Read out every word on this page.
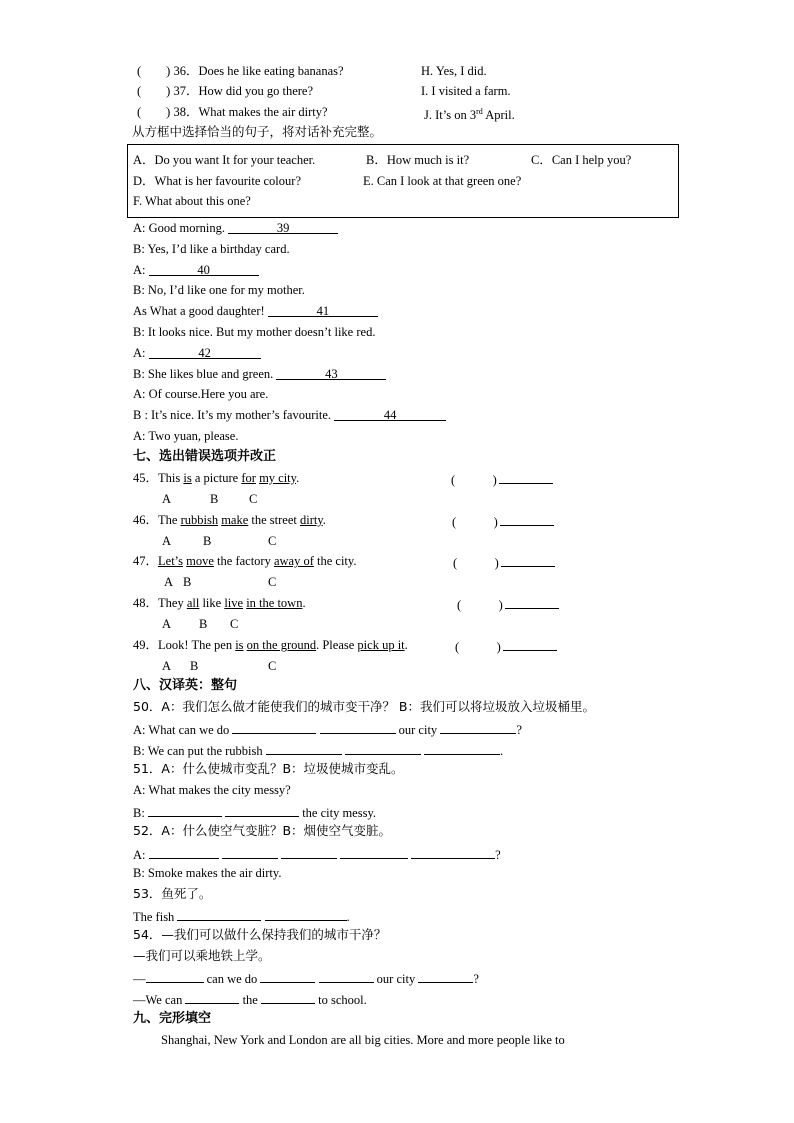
(　　) 36．Does he like eating bananas?	H. Yes, I did.
(　　) 37．How did you go there?	I. I visited a farm.
(　　) 38．What makes the air dirty?	J. It’s on 3rd April.
从方框中选择恰当的句子，将对话补充完整。
A．Do you want It for your teacher.	B．How much is it?	C．Can I help you?
D．What is her favourite colour?	E. Can I look at that green one?
F. What about this one?
A: Good morning.	39
B: Yes, I’d like a birthday card.
A:	40
B: No, I’d like one for my mother.
As What a good daughter!	41
B: It looks nice. But my mother doesn’t like red.
A:	42
B: She likes blue and green.	43
A: Of course.Here you are.
B : It’s nice. It’s my mother’s favourite.	44
A: Two yuan, please.
七、选出错误选项并改正
45．This is a picture for my city.	(　　　)
A	B C
46．The rubbish make the street dirty.	(　　　)
A	B	C
47．Let’s move the factory away of the city.	(　　　)
A B	C
48．They all like live in the town.	(　　　)
A B C
49．Look! The pen is on the ground. Please pick up it.	(　　　)
A B	C
八、汉译英：整句
50．A：我们怎么做才能使我们的城市变干净？ B：我们可以将垃圾放入垃圾桶里。
A: What can we do	our city	?
B: We can put the rubbish	.
51．A：什么使城市变乱？B：垃圾使城市变乱。
A: What makes the city messy?
B:	the city messy.
52．A：什么使空气变脏？B：烟使空气变脏。
A:	?
B: Smoke makes the air dirty.
53．鱼死了。
The fish	.
54．—我们可以做什么保持我们的城市干净？
—我们可以乘地铁上学。
—	can we do	our city	?
—We can	the	to school.
九、完形填空
Shanghai, New York and London are all big cities. More and more people like to
